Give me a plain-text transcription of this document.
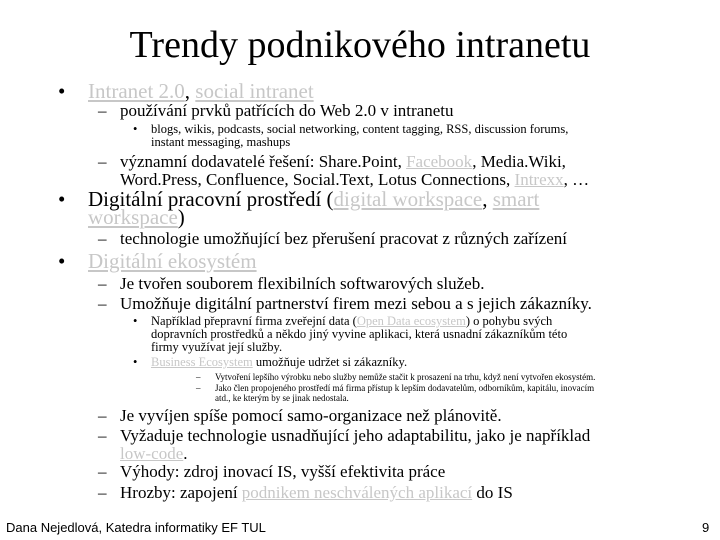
Trendy podnikového intranetu
• Intranet 2.0, social intranet
– používání prvků patřících do Web 2.0 v intranetu
• blogs, wikis, podcasts, social networking, content tagging, RSS, discussion forums,
instant messaging, mashups
– významní dodavatelé řešení: Share.Point, Facebook, Media.Wiki,
Word.Press, Confluence, Social.Text, Lotus Connections, Intrexx, …
• Digitální pracovní prostředí (digital workspace, smart
workspace)
– technologie umožňující bez přerušení pracovat z různých zařízení
• Digitální ekosystém
– Je tvořen souborem flexibilních softwarových služeb.
– Umožňuje digitální partnerství firem mezi sebou a s jejich zákazníky.
• Například přepravní firma zveřejní data (Open Data ecosystem) o pohybu svých
dopravních prostředků a někdo jiný vyvine aplikaci, která usnadní zákazníkům této
firmy využívat její služby.
• Business Ecosystem umožňuje udržet si zákazníky.
– Vytvoření lepšího výrobku nebo služby nemůže stačit k prosazení na trhu, když není vytvořen ekosystém.
– Jako člen propojeného prostředí má firma přístup k lepším dodavatelům, odborníkům, kapitálu, inovacím
atd., ke kterým by se jinak nedostala.
– Je vyvíjen spíše pomocí samo-organizace než plánovitě.
– Vyžaduje technologie usnadňující jeho adaptabilitu, jako je například
low-code.
– Výhody: zdroj inovací IS, vyšší efektivita práce
– Hrozby: zapojení podnikem neschválených aplikací do IS
Dana Nejedlová, Katedra informatiky EF TUL	9
